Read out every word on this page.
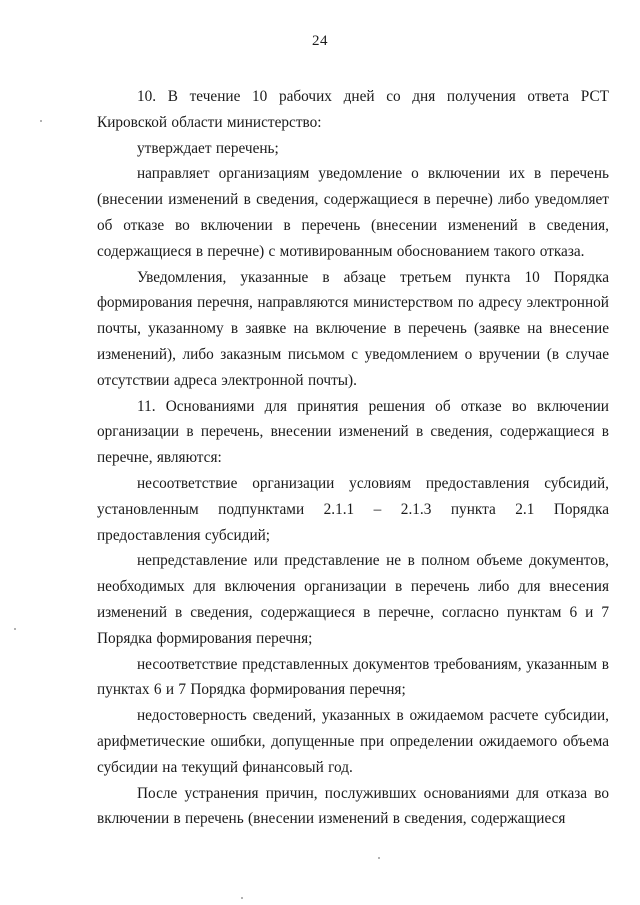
24

10. В течение 10 рабочих дней со дня получения ответа РСТ Кировской области министерство:

утверждает перечень;

направляет организациям уведомление о включении их в перечень (внесении изменений в сведения, содержащиеся в перечне) либо уведомляет об отказе во включении в перечень (внесении изменений в сведения, содержащиеся в перечне) с мотивированным обоснованием такого отказа.

Уведомления, указанные в абзаце третьем пункта 10 Порядка формирования перечня, направляются министерством по адресу электронной почты, указанному в заявке на включение в перечень (заявке на внесение изменений), либо заказным письмом с уведомлением о вручении (в случае отсутствии адреса электронной почты).

11. Основаниями для принятия решения об отказе во включении организации в перечень, внесении изменений в сведения, содержащиеся в перечне, являются:

несоответствие организации условиям предоставления субсидий, установленным подпунктами 2.1.1 – 2.1.3 пункта 2.1 Порядка предоставления субсидий;

непредставление или представление не в полном объеме документов, необходимых для включения организации в перечень либо для внесения изменений в сведения, содержащиеся в перечне, согласно пунктам 6 и 7 Порядка формирования перечня;

несоответствие представленных документов требованиям, указанным в пунктах 6 и 7 Порядка формирования перечня;

недостоверность сведений, указанных в ожидаемом расчете субсидии, арифметические ошибки, допущенные при определении ожидаемого объема субсидии на текущий финансовый год.

После устранения причин, послуживших основаниями для отказа во включении в перечень (внесении изменений в сведения, содержащиеся
